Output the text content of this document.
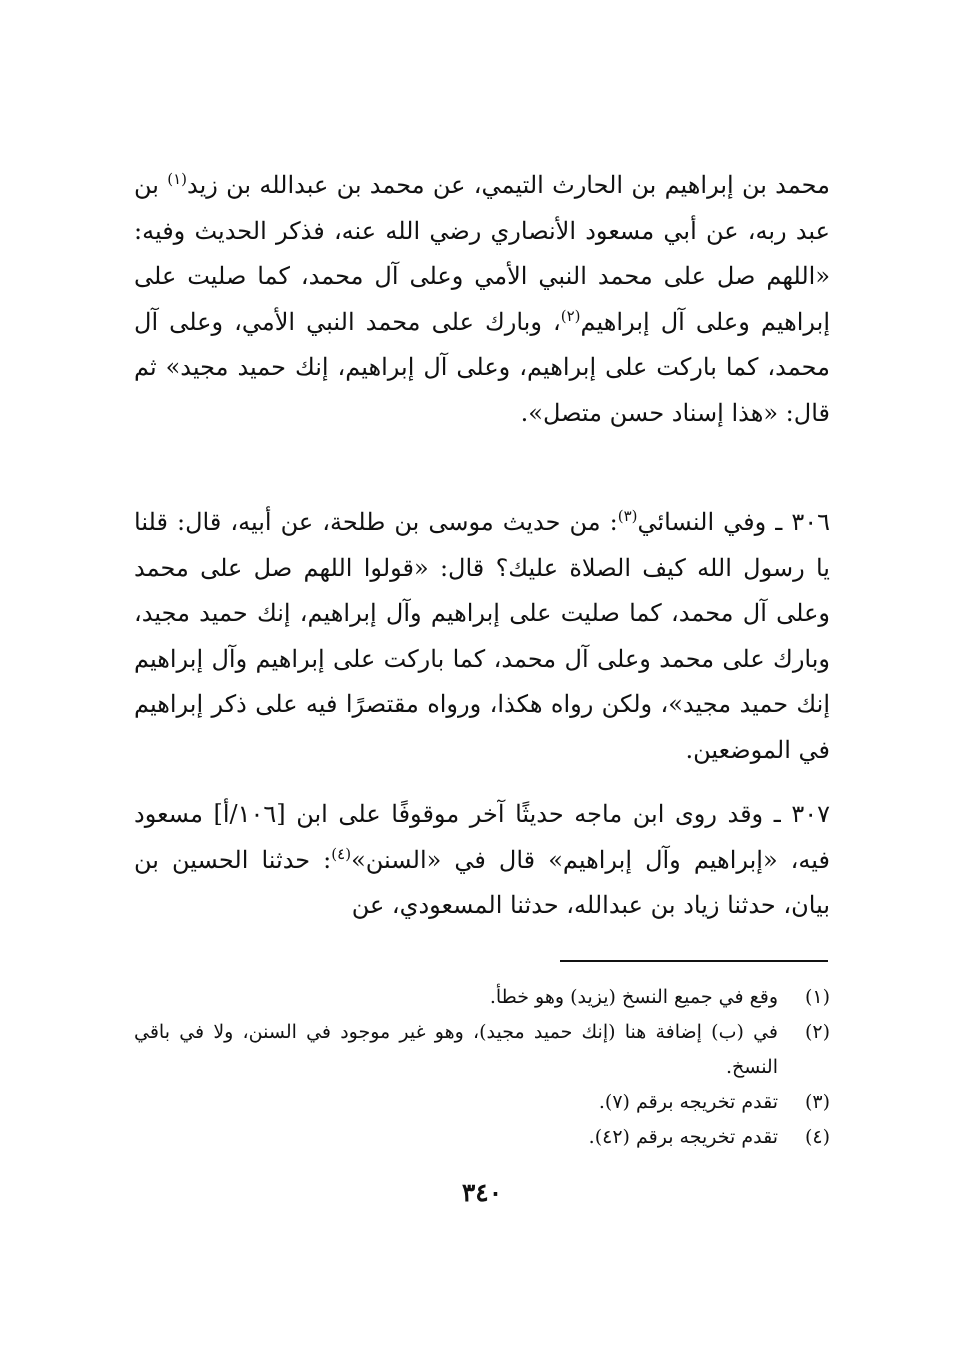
محمد بن إبراهيم بن الحارث التيمي، عن محمد بن عبدالله بن زيد$^{(١)}$ بن عبد ربه، عن أبي مسعود الأنصاري رضي الله عنه، فذكر الحديث وفيه: «اللهم صل على محمد النبي الأمي وعلى آل محمد، كما صليت على إبراهيم وعلى آل إبراهيم$^{(٢)}$، وبارك على محمد النبي الأمي، وعلى آل محمد، كما باركت على إبراهيم، وعلى آل إبراهيم، إنك حميد مجيد» ثم قال: «هذا إسناد حسن متصل».

٣٠٦ ـ وفي النسائي$^{(٣)}$: من حديث موسى بن طلحة، عن أبيه، قال: قلنا يا رسول الله كيف الصلاة عليك؟ قال: «قولوا اللهم صل على محمد وعلى آل محمد، كما صليت على إبراهيم وآل إبراهيم، إنك حميد مجيد، وبارك على محمد وعلى آل محمد، كما باركت على إبراهيم وآل إبراهيم إنك حميد مجيد»، ولكن رواه هكذا، ورواه مقتصرًا فيه على ذكر إبراهيم في الموضعين.

٣٠٧ ـ وقد روى ابن ماجه حديثًا آخر موقوفًا على ابن [١٠٦/أ] مسعود فيه، «إبراهيم وآل إبراهيم» قال في «السنن»$^{(٤)}$: حدثنا الحسين بن بيان، حدثنا زياد بن عبدالله، حدثنا المسعودي، عن

(١)
وقع في جميع النسخ (يزيد) وهو خطأ.
(٢)
في (ب) إضافة هنا (إنك حميد مجيد)، وهو غير موجود في السنن، ولا في باقي النسخ.
(٣)
تقدم تخريجه برقم (٧).
(٤)
تقدم تخريجه برقم (٤٢).
٣٤٠
